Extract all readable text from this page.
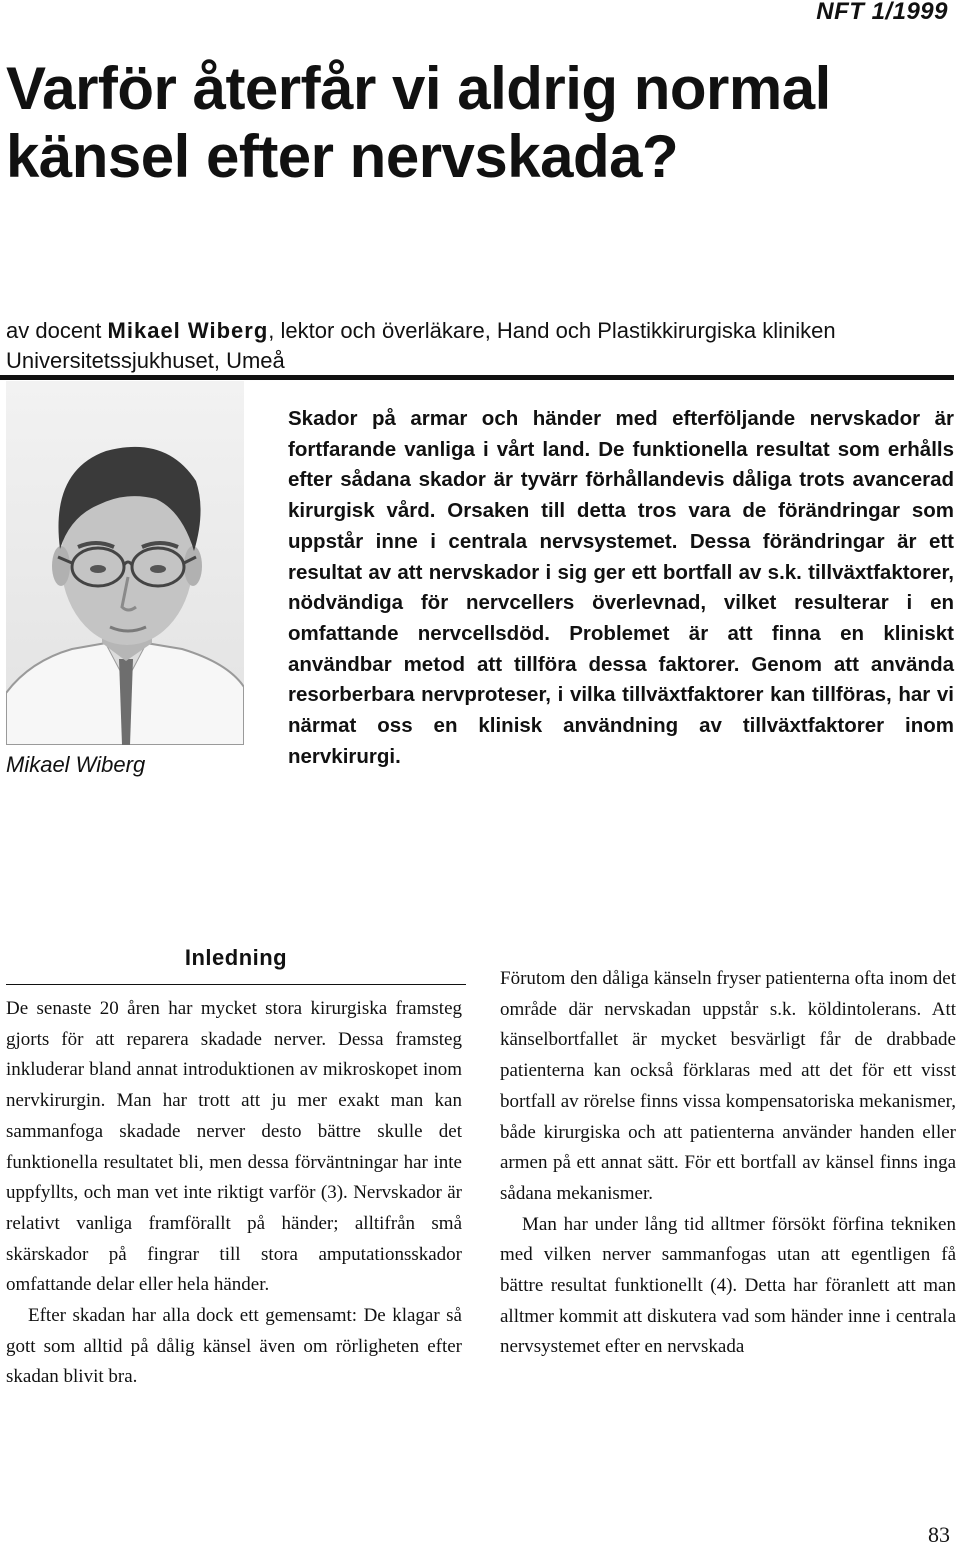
NFT 1/1999
Varför återfår vi aldrig normal känsel efter nervskada?
av docent Mikael Wiberg, lektor och överläkare, Hand och Plastikkirurgiska kliniken Universitetssjukhuset, Umeå
Mikael Wiberg

Skador på armar och händer med efterföljande nervskador är fortfarande vanliga i vårt land. De funktionella resultat som erhålls efter sådana skador är tyvärr förhållandevis dåliga trots avancerad kirurgisk vård. Orsaken till detta tros vara de förändringar som uppstår inne i centrala nervsystemet. Dessa förändringar är ett resultat av att nervskador i sig ger ett bortfall av s.k. tillväxtfaktorer, nödvändiga för nervcellers överlevnad, vilket resulterar i en omfattande nervcellsdöd. Problemet är att finna en kliniskt användbar metod att tillföra dessa faktorer. Genom att använda resorberbara nervproteser, i vilka tillväxtfaktorer kan tillföras, har vi närmat oss en klinisk användning av tillväxtfaktorer inom nervkirurgi.

Inledning

De senaste 20 åren har mycket stora kirurgiska framsteg gjorts för att reparera skadade nerver. Dessa framsteg inkluderar bland annat introduktionen av mikroskopet inom nervkirurgin. Man har trott att ju mer exakt man kan sammanfoga skadade nerver desto bättre skulle det funktionella resultatet bli, men dessa förväntningar har inte uppfyllts, och man vet inte riktigt varför (3). Nervskador är relativt vanliga framförallt på händer; alltifrån små skärskador på fingrar till stora amputationsskador omfattande delar eller hela händer.

Efter skadan har alla dock ett gemensamt: De klagar så gott som alltid på dålig känsel även om rörligheten efter skadan blivit bra.

Förutom den dåliga känseln fryser patienterna ofta inom det område där nervskadan uppstår s.k. köldintolerans. Att känselbortfallet är mycket besvärligt får de drabbade patienterna kan också förklaras med att det för ett visst bortfall av rörelse finns vissa kompensatoriska mekanismer, både kirurgiska och att patienterna använder handen eller armen på ett annat sätt. För ett bortfall av känsel finns inga sådana mekanismer.

Man har under lång tid alltmer försökt förfina tekniken med vilken nerver sammanfogas utan att egentligen få bättre resultat funktionellt (4). Detta har föranlett att man alltmer kommit att diskutera vad som händer inne i centrala nervsystemet efter en nervskada

83
